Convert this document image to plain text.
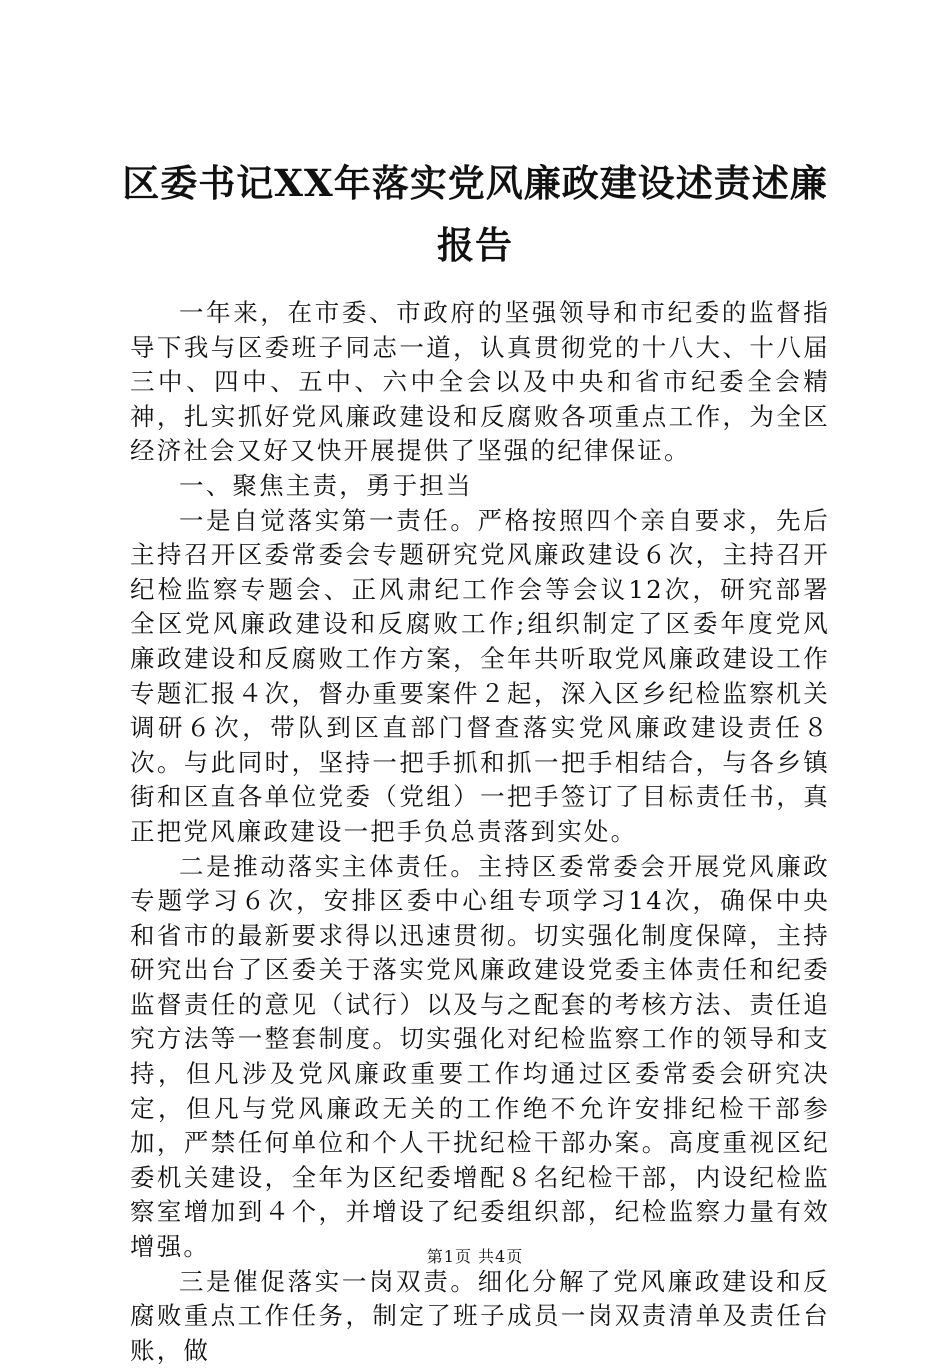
区委书记XX年落实党风廉政建设述责述廉报告

一年来，在市委、市政府的坚强领导和市纪委的监督指导下我与区委班子同志一道，认真贯彻党的十八大、十八届三中、四中、五中、六中全会以及中央和省市纪委全会精神，扎实抓好党风廉政建设和反腐败各项重点工作，为全区经济社会又好又快开展提供了坚强的纪律保证。

一、聚焦主责，勇于担当

一是自觉落实第一责任。严格按照四个亲自要求，先后主持召开区委常委会专题研究党风廉政建设６次，主持召开纪检监察专题会、正风肃纪工作会等会议12次，研究部署全区党风廉政建设和反腐败工作;组织制定了区委年度党风廉政建设和反腐败工作方案，全年共听取党风廉政建设工作专题汇报４次，督办重要案件２起，深入区乡纪检监察机关调研６次，带队到区直部门督查落实党风廉政建设责任８次。与此同时，坚持一把手抓和抓一把手相结合，与各乡镇街和区直各单位党委（党组）一把手签订了目标责任书，真正把党风廉政建设一把手负总责落到实处。

二是推动落实主体责任。主持区委常委会开展党风廉政专题学习６次，安排区委中心组专项学习14次，确保中央和省市的最新要求得以迅速贯彻。切实强化制度保障，主持研究出台了区委关于落实党风廉政建设党委主体责任和纪委监督责任的意见（试行）以及与之配套的考核方法、责任追究方法等一整套制度。切实强化对纪检监察工作的领导和支持，但凡涉及党风廉政重要工作均通过区委常委会研究决定，但凡与党风廉政无关的工作绝不允许安排纪检干部参加，严禁任何单位和个人干扰纪检干部办案。高度重视区纪委机关建设，全年为区纪委增配８名纪检干部，内设纪检监察室增加到４个，并增设了纪委组织部，纪检监察力量有效增强。

三是催促落实一岗双责。细化分解了党风廉政建设和反腐败重点工作任务，制定了班子成员一岗双责清单及责任台账，做

第1页 共4页
